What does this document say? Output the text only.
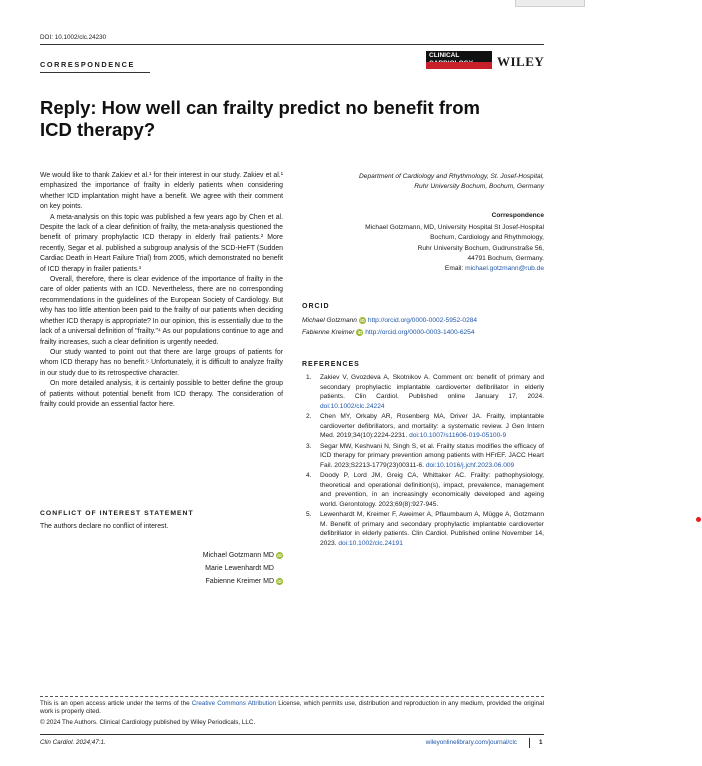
DOI: 10.1002/clc.24230
CORRESPONDENCE
CLINICAL	WILEY
Reply: How well can frailty predict no benefit from ICD therapy?

We would like to thank Zakiev et al.¹ for their interest in our study. Zakiev et al.¹ emphasized the importance of frailty in elderly patients when considering whether ICD implantation might have a benefit. We agree with their comment on key points.

A meta-analysis on this topic was published a few years ago by Chen et al. Despite the lack of a clear definition of frailty, the meta-analysis questioned the benefit of primary prophylactic ICD therapy in elderly frail patients.² More recently, Segar et al. published a subgroup analysis of the SCD-HeFT (Sudden Cardiac Death in Heart Failure Trial) from 2005, which demonstrated no benefit of ICD therapy in frailer patients.³

Overall, therefore, there is clear evidence of the importance of frailty in the care of older patients with an ICD. Nevertheless, there are no corresponding recommendations in the guidelines of the European Society of Cardiology. But why has too little attention been paid to the frailty of our patients when deciding whether ICD therapy is appropriate? In our opinion, this is essentially due to the lack of a universal definition of "frailty."⁴ As our populations continue to age and frailty increases, such a clear definition is urgently needed.

Our study wanted to point out that there are large groups of patients for whom ICD therapy has no benefit.⁵ Unfortunately, it is difficult to analyze frailty in our study due to its retrospective character.

On more detailed analysis, it is certainly possible to better define the group of patients without potential benefit from ICD therapy. The consideration of frailty could provide an essential factor here.

CONFLICT OF INTEREST STATEMENT
The authors declare no conflict of interest.
Michael Gotzmann MD iD
Marie Lewenhardt MD
Fabienne Kreimer MD iD
Department of Cardiology and Rhythmology, St. Josef-Hospital,
Ruhr University Bochum, Bochum, Germany
Correspondence
Michael Gotzmann, MD, University Hospital St Josef-Hospital
Bochum, Cardiology and Rhythmology,
Ruhr University Bochum, Gudrunstraße 56,
44791 Bochum, Germany.
Email: michael.gotzmann@rub.de
ORCID
Michael Gotzmann iD http://orcid.org/0000-0002-5952-0284
Fabienne Kreimer iD http://orcid.org/0000-0003-1400-6254
REFERENCES
1. Zakiev V, Gvozdeva A, Skotnikov A. Comment on: benefit of primary and secondary prophylactic implantable cardioverter defibrillator in elderly patients. Clin Cardiol. Published online January 17, 2024. doi:10.1002/clc.24224
2. Chen MY, Orkaby AR, Rosenberg MA, Driver JA. Frailty, implantable cardioverter defibrillators, and mortality: a systematic review. J Gen Intern Med. 2019;34(10):2224-2231. doi:10.1007/s11606-019-05100-9
3. Segar MW, Keshvani N, Singh S, et al. Frailty status modifies the efficacy of ICD therapy for primary prevention among patients with HFrEF. JACC Heart Fail. 2023;S2213-1779(23)00311-6. doi:10.1016/j.jchf.2023.06.009
4. Doody P, Lord JM, Greig CA, Whittaker AC. Frailty: pathophysiology, theoretical and operational definition(s), impact, prevalence, management and prevention, in an increasingly economically developed and ageing world. Gerontology. 2023;69(8):927-945.
5. Lewenhardt M, Kreimer F, Aweimer A, Pflaumbaum A, Mügge A, Gotzmann M. Benefit of primary and secondary prophylactic implantable cardioverter defibrillator in elderly patients. Clin Cardiol. Published online November 14, 2023. doi:10.1002/clc.24191
This is an open access article under the terms of the Creative Commons Attribution License, which permits use, distribution and reproduction in any medium, provided the original work is properly cited.
© 2024 The Authors. Clinical Cardiology published by Wiley Periodicals, LLC.
Clin Cardiol. 2024;47:1.	wileyonlinelibrary.com/journal/clc	1
